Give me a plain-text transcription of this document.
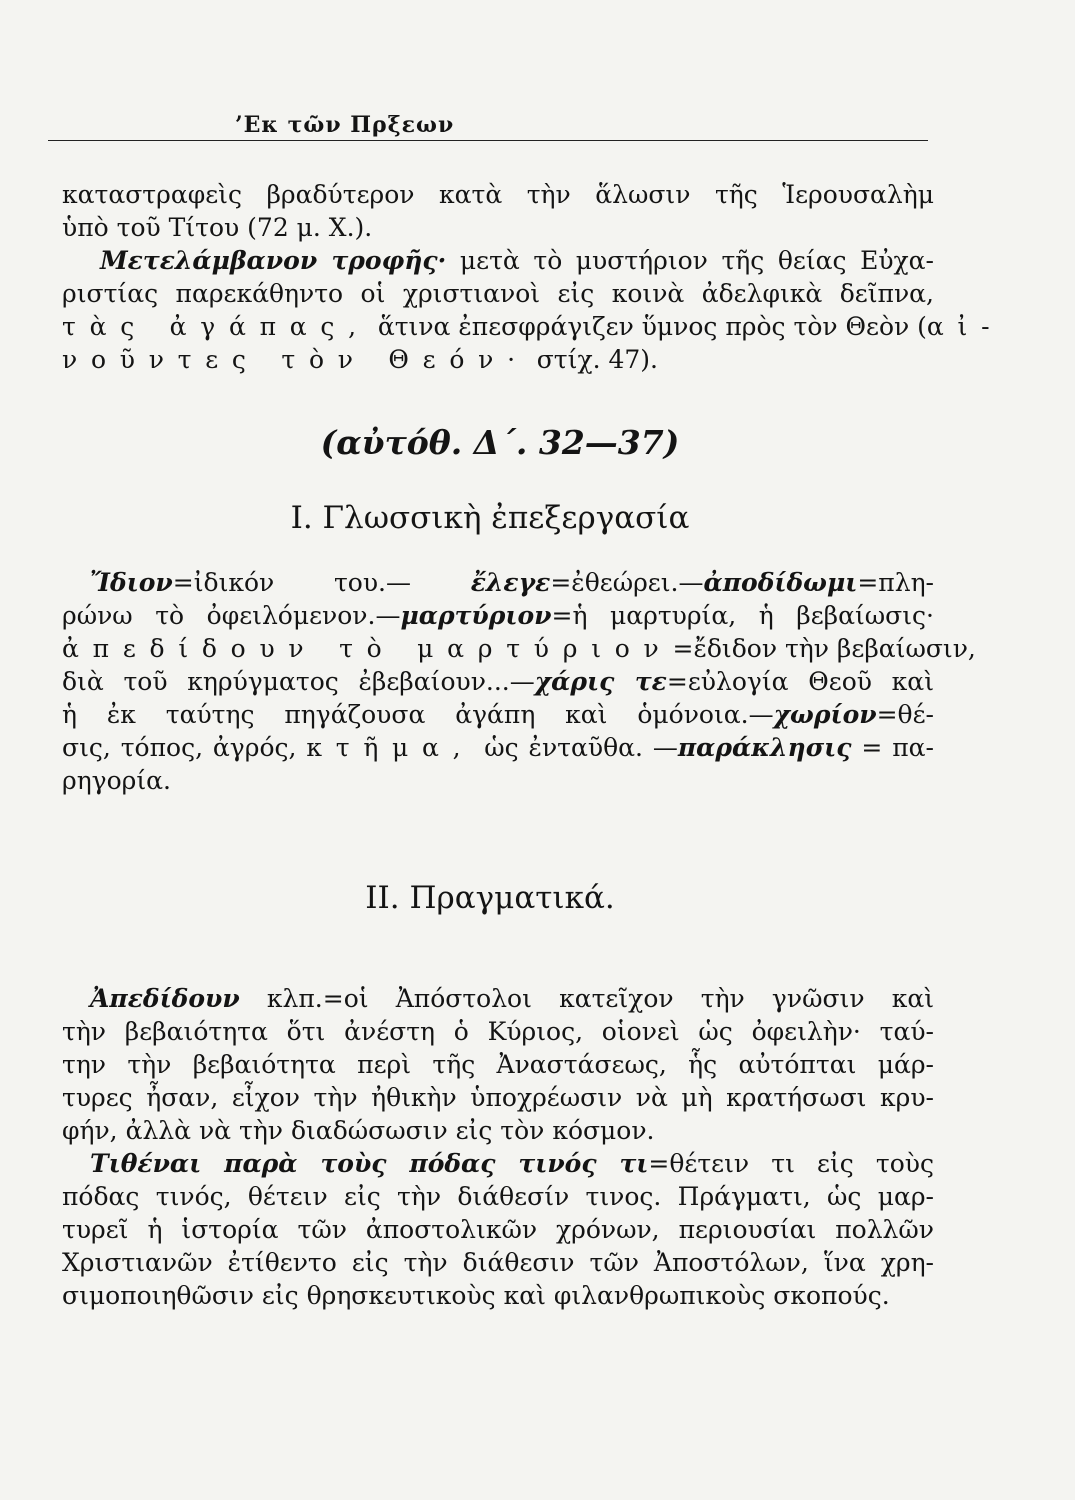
’Εκ τῶν Πρξεων
καταστραφεὶς βραδύτερον κατὰ τὴν ἅλωσιν τῆς Ἱερουσαλὴμ
ὑπὸ τοῦ Τίτου (72 μ. Χ.).
Μετελάμβανον τροφῆς· μετὰ τὸ μυστήριον τῆς θείας Εὐχα-
ριστίας παρεκάθηντο οἱ χριστιανοὶ εἰς κοινὰ ἀδελφικὰ δεῖπνα,
τὰς ἀγάπας, ἅτινα ἐπεσφράγιζεν ὕμνος πρὸς τὸν Θεὸν (αἰ-
νοῦντες τὸν Θεόν· στίχ. 47).
(αὐτόθ. Δ΄. 32—37)
Ι. Γλωσσικὴ ἐπεξεργασία
Ἴδιον=ἰδικόν του.— ἔλεγε=ἐθεώρει.—ἀποδίδωμι=πλη-
ρώνω τὸ ὀφειλόμενον.—μαρτύριον=ἡ μαρτυρία, ἡ βεβαίωσις·
ἀπεδίδουν τὸ μαρτύριον=ἔδιδον τὴν βεβαίωσιν,
διὰ τοῦ κηρύγματος ἐβεβαίουν...—χάρις τε=εὐλογία Θεοῦ καὶ
ἡ ἐκ ταύτης πηγάζουσα ἀγάπη καὶ ὁμόνοια.—χωρίον=θέ-
σις, τόπος, ἀγρός, κτῆμα, ὡς ἐνταῦθα. —παράκλησις = πα-
ρηγορία.
ΙΙ. Πραγματικά.
Ἀπεδίδουν κλπ.=οἱ Ἀπόστολοι κατεῖχον τὴν γνῶσιν καὶ
τὴν βεβαιότητα ὅτι ἀνέστη ὁ Κύριος, οἱονεὶ ὡς ὀφειλὴν· ταύ-
την τὴν βεβαιότητα περὶ τῆς Ἀναστάσεως, ἧς αὐτόπται μάρ-
τυρες ἦσαν, εἶχον τὴν ἠθικὴν ὑποχρέωσιν νὰ μὴ κρατήσωσι κρυ-
φήν, ἀλλὰ νὰ τὴν διαδώσωσιν εἰς τὸν κόσμον.
Τιθέναι παρὰ τοὺς πόδας τινός τι=θέτειν τι εἰς τοὺς
πόδας τινός, θέτειν εἰς τὴν διάθεσίν τινος. Πράγματι, ὡς μαρ-
τυρεῖ ἡ ἱστορία τῶν ἀποστολικῶν χρόνων, περιουσίαι πολλῶν
Χριστιανῶν ἐτίθεντο εἰς τὴν διάθεσιν τῶν Ἀποστόλων, ἵνα χρη-
σιμοποιηθῶσιν εἰς θρησκευτικοὺς καὶ φιλανθρωπικοὺς σκοπούς.
